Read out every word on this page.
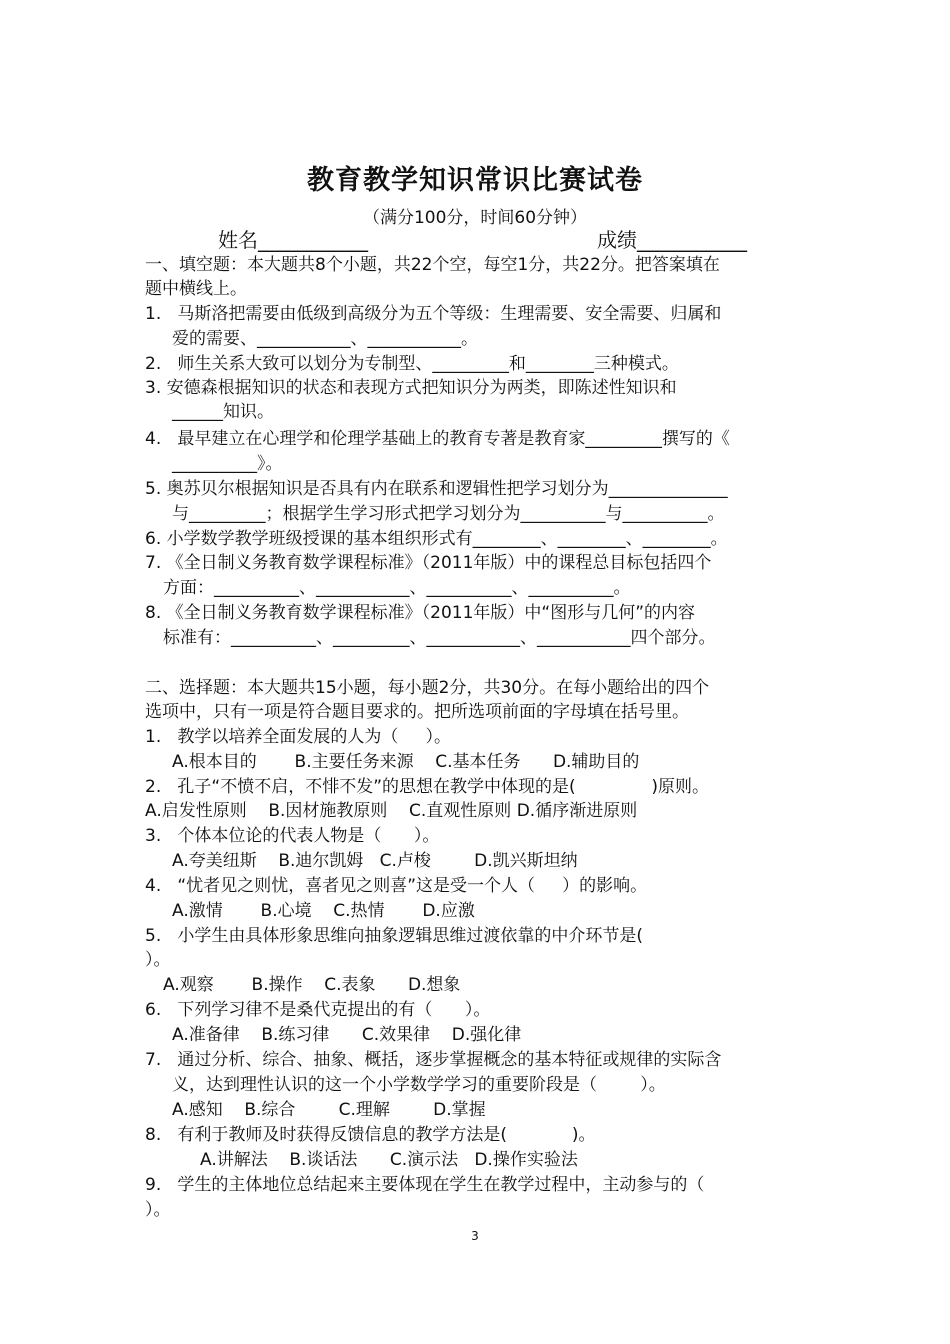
教育教学知识常识比赛试卷
（满分100分，时间60分钟）
姓名___________	成绩___________
一、填空题：本大题共8个小题，共22个空，每空1分，共22分。把答案填在
题中横线上。
1.   马斯洛把需要由低级到高级分为五个等级：生理需要、安全需要、归属和
爱的需要、___________、___________。
2.   师生关系大致可以划分为专制型、_________和________三种模式。
3. 安德森根据知识的状态和表现方式把知识分为两类，即陈述性知识和
______知识。
4.   最早建立在心理学和伦理学基础上的教育专著是教育家_________撰写的《
__________》。
5. 奥苏贝尔根据知识是否具有内在联系和逻辑性把学习划分为______________
与_________；根据学生学习形式把学习划分为__________与__________。
6. 小学数学教学班级授课的基本组织形式有________、________、________。
7. 《全日制义务教育数学课程标准》（2011年版）中的课程总目标包括四个
方面：__________、___________、__________、__________。
8. 《全日制义务教育数学课程标准》（2011年版）中“图形与几何”的内容
标准有：__________、_________、___________、___________四个部分。
二、选择题：本大题共15小题，每小题2分，共30分。在每小题给出的四个
选项中，只有一项是符合题目要求的。把所选项前面的字母填在括号里。
1.   教学以培养全面发展的人为（     ）。
A.根本目的       B.主要任务来源    C.基本任务      D.辅助目的
2.   孔子“不愤不启，不悱不发”的思想在教学中体现的是(              )原则。
A.启发性原则    B.因材施教原则    C.直观性原则 D.循序渐进原则
3.   个体本位论的代表人物是（      ）。
A.夸美纽斯    B.迪尔凯姆   C.卢梭        D.凯兴斯坦纳
4.   “忧者见之则忧，喜者见之则喜”这是受一个人（     ）的影响。
A.激情       B.心境    C.热情       D.应激
5.   小学生由具体形象思维向抽象逻辑思维过渡依靠的中介环节是(
）。
A.观察       B.操作    C.表象      D.想象
6.   下列学习律不是桑代克提出的有（      ）。
A.准备律    B.练习律      C.效果律    D.强化律
7.   通过分析、综合、抽象、概括，逐步掌握概念的基本特征或规律的实际含
义，达到理性认识的这一个小学数学学习的重要阶段是（        ）。
A.感知    B.综合        C.理解        D.掌握
8.   有利于教师及时获得反馈信息的教学方法是(            )。
A.讲解法    B.谈话法      C.演示法   D.操作实验法
9.   学生的主体地位总结起来主要体现在学生在教学过程中，主动参与的（
）。
3
